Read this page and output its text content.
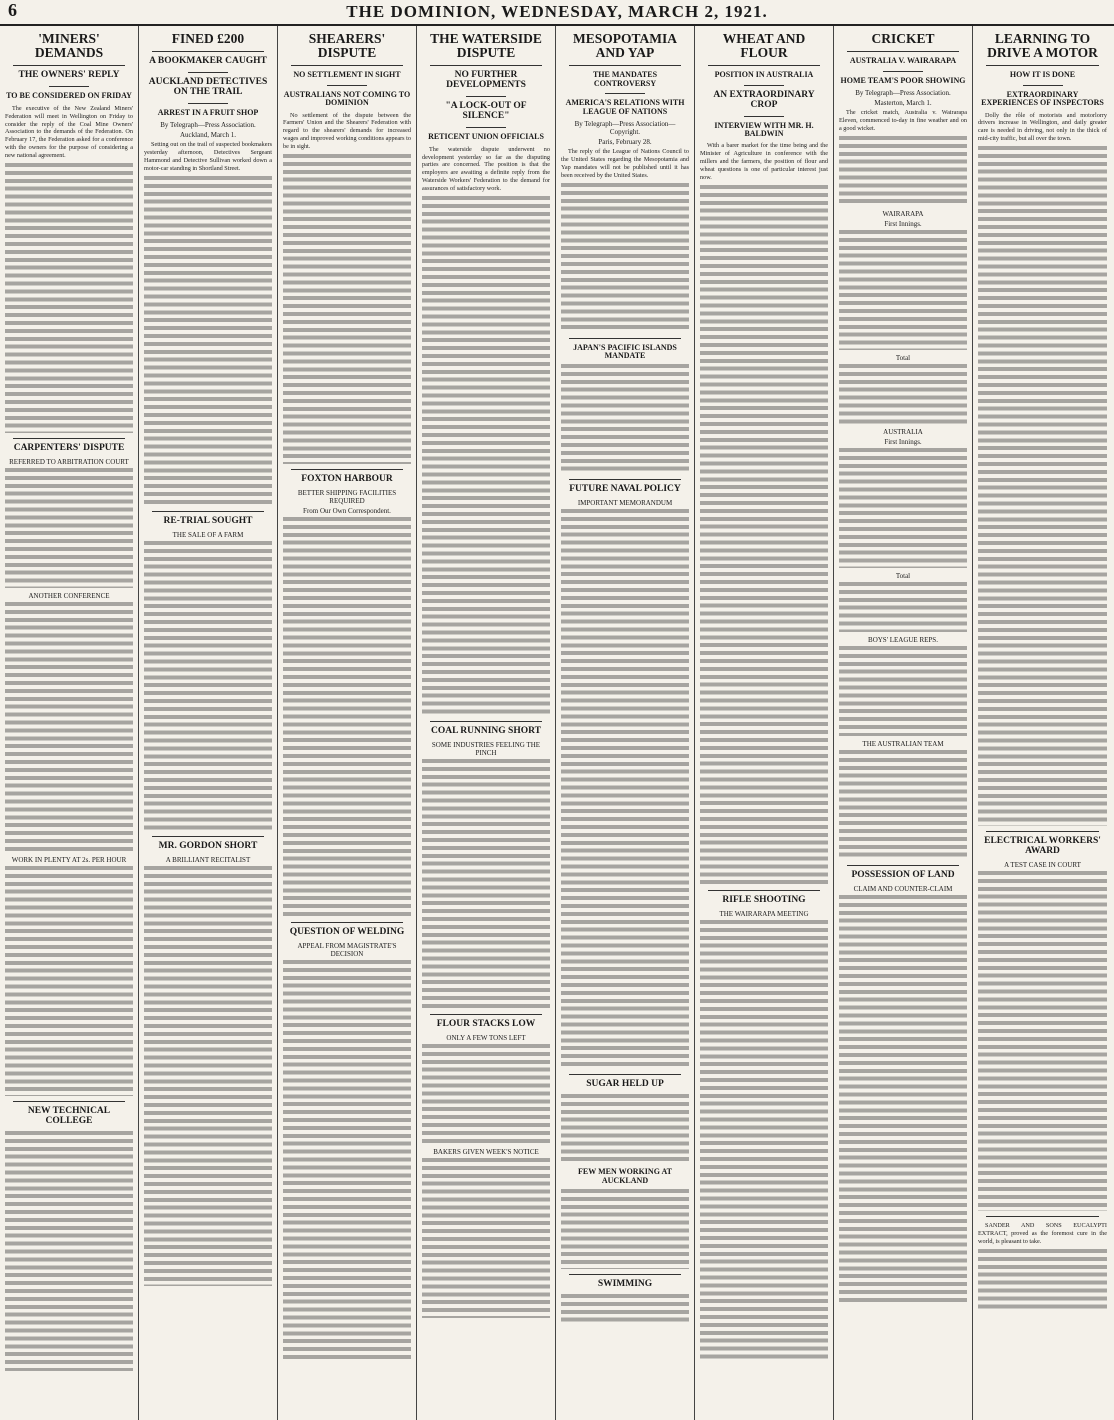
6	THE DOMINION, WEDNESDAY, MARCH 2, 1921.
'MINERS' DEMANDS
THE OWNERS' REPLY
TO BE CONSIDERED ON FRIDAY

The executive of the New Zealand Miners' Federation will meet in Wellington on Friday to consider the reply of the Coal Mine Owners' Association to the demands of the Federation. On February 17, the Federation asked for a conference with the owners for the purpose of considering a new national agreement.

CARPENTERS' DISPUTE
REFERRED TO ARBITRATION COURT
ANOTHER CONFERENCE
WORK IN PLENTY AT 2s. PER HOUR
NEW TECHNICAL COLLEGE
FINED £200
A BOOKMAKER CAUGHT
AUCKLAND DETECTIVES ON THE TRAIL
ARREST IN A FRUIT SHOP
By Telegraph—Press Association.
Auckland, March 1.

Setting out on the trail of suspected bookmakers yesterday afternoon, Detectives Sergeant Hammond and Detective Sullivan worked down a motor-car standing in Shortland Street.

RE-TRIAL SOUGHT
THE SALE OF A FARM
MR. GORDON SHORT
A BRILLIANT RECITALIST
SHEARERS' DISPUTE
NO SETTLEMENT IN SIGHT
AUSTRALIANS NOT COMING TO DOMINION

No settlement of the dispute between the Farmers' Union and the Shearers' Federation with regard to the shearers' demands for increased wages and improved working conditions appears to be in sight.

FOXTON HARBOUR
BETTER SHIPPING FACILITIES REQUIRED
From Our Own Correspondent.
QUESTION OF WELDING
APPEAL FROM MAGISTRATE'S DECISION
THE WATERSIDE DISPUTE
NO FURTHER DEVELOPMENTS
"A LOCK-OUT OF SILENCE"
RETICENT UNION OFFICIALS

The waterside dispute underwent no development yesterday so far as the disputing parties are concerned. The position is that the employers are awaiting a definite reply from the Waterside Workers' Federation to the demand for assurances of satisfactory work.

COAL RUNNING SHORT
SOME INDUSTRIES FEELING THE PINCH
FLOUR STACKS LOW
ONLY A FEW TONS LEFT
BAKERS GIVEN WEEK'S NOTICE
MESOPOTAMIA AND YAP
THE MANDATES CONTROVERSY
AMERICA'S RELATIONS WITH LEAGUE OF NATIONS
By Telegraph—Press Association—Copyright.
Paris, February 28.

The reply of the League of Nations Council to the United States regarding the Mesopotamia and Yap mandates will not be published until it has been received by the United States.

JAPAN'S PACIFIC ISLANDS MANDATE
FUTURE NAVAL POLICY
IMPORTANT MEMORANDUM
SUGAR HELD UP
FEW MEN WORKING AT AUCKLAND
SWIMMING
WHEAT AND FLOUR
POSITION IN AUSTRALIA
AN EXTRAORDINARY CROP
INTERVIEW WITH MR. H. BALDWIN

With a barer market for the time being and the Minister of Agriculture in conference with the millers and the farmers, the position of flour and wheat questions is one of particular interest just now.

RIFLE SHOOTING
THE WAIRARAPA MEETING
CRICKET
AUSTRALIA V. WAIRARAPA
HOME TEAM'S POOR SHOWING
By Telegraph—Press Association.
Masterton, March 1.

The cricket match, Australia v. Wairarapa Eleven, commenced to-day in fine weather and on a good wicket.

WAIRARAPA
First Innings.
Total
AUSTRALIA
First Innings.
Total
BOYS' LEAGUE REPS.
THE AUSTRALIAN TEAM
POSSESSION OF LAND
CLAIM AND COUNTER-CLAIM
LEARNING TO DRIVE A MOTOR
HOW IT IS DONE
EXTRAORDINARY EXPERIENCES OF INSPECTORS

Dolly the rôle of motorists and motorlorry drivers increase in Wellington, and daily greater care is needed in driving, not only in the thick of mid-city traffic, but all over the town.

ELECTRICAL WORKERS' AWARD
A TEST CASE IN COURT

SANDER AND SONS EUCALYPTI EXTRACT, proved as the foremost cure in the world, is pleasant to take.
